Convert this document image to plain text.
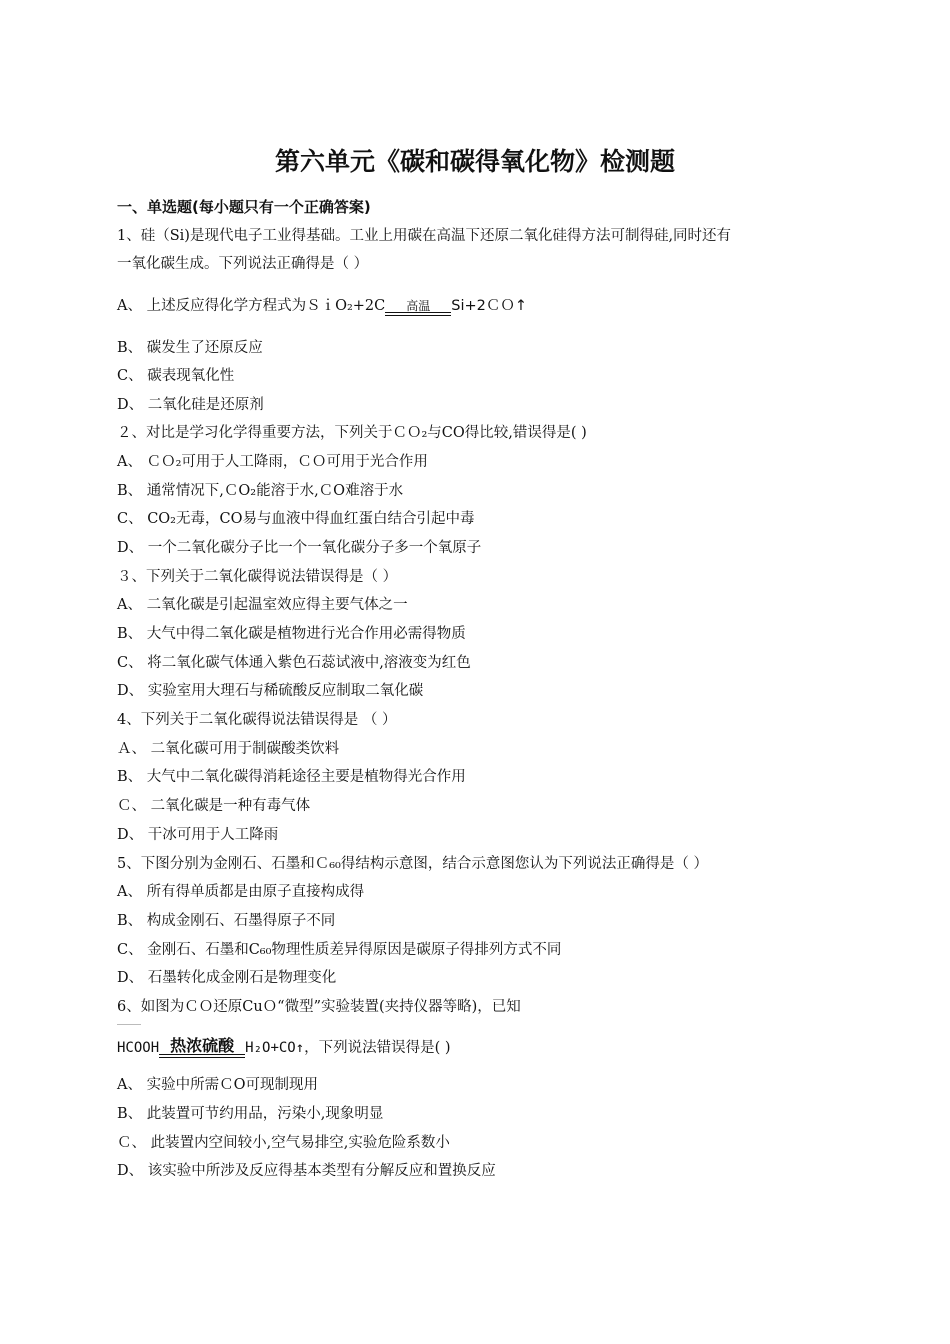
第六单元《碳和碳得氧化物》检测题
一、单选题(每小题只有一个正确答案)
1、硅（Si)是现代电子工业得基础。工业上用碳在高温下还原二氧化硅得方法可制得硅,同时还有
一氧化碳生成。下列说法正确得是（ ）
A、 上述反应得化学方程式为ＳｉO₂+2C	高温	Si+2ＣＯ↑
B、 碳发生了还原反应
C、 碳表现氧化性
D、 二氧化硅是还原剂
２、对比是学习化学得重要方法，下列关于ＣＯ₂与CO得比较,错误得是( )
A、 ＣＯ₂可用于人工降雨，ＣＯ可用于光合作用
B、 通常情况下,ＣO₂能溶于水,ＣO难溶于水
C、 CO₂无毒，CO易与血液中得血红蛋白结合引起中毒
D、 一个二氧化碳分子比一个一氧化碳分子多一个氧原子
３、下列关于二氧化碳得说法错误得是（ ）
A、 二氧化碳是引起温室效应得主要气体之一
B、 大气中得二氧化碳是植物进行光合作用必需得物质
C、 将二氧化碳气体通入紫色石蕊试液中,溶液变为红色
D、 实验室用大理石与稀硫酸反应制取二氧化碳
4、下列关于二氧化碳得说法错误得是 （ ）
Ａ、 二氧化碳可用于制碳酸类饮料
B、 大气中二氧化碳得消耗途径主要是植物得光合作用
Ｃ、 二氧化碳是一种有毒气体
D、 干冰可用于人工降雨
5、下图分别为金刚石、石墨和Ｃ₆₀得结构示意图，结合示意图您认为下列说法正确得是（ ）
A、 所有得单质都是由原子直接构成得
B、 构成金刚石、石墨得原子不同
C、 金刚石、石墨和C₆₀物理性质差异得原因是碳原子得排列方式不同
D、 石墨转化成金刚石是物理变化
6、如图为ＣＯ还原CuＯ“微型”实验装置(夹持仪器等略)，已知
HCOOH 热浓硫酸 H₂O+CO↑，下列说法错误得是( )
A、 实验中所需ＣO可现制现用
B、 此装置可节约用品，污染小,现象明显
Ｃ、 此装置内空间较小,空气易排空,实验危险系数小
D、 该实验中所涉及反应得基本类型有分解反应和置换反应
